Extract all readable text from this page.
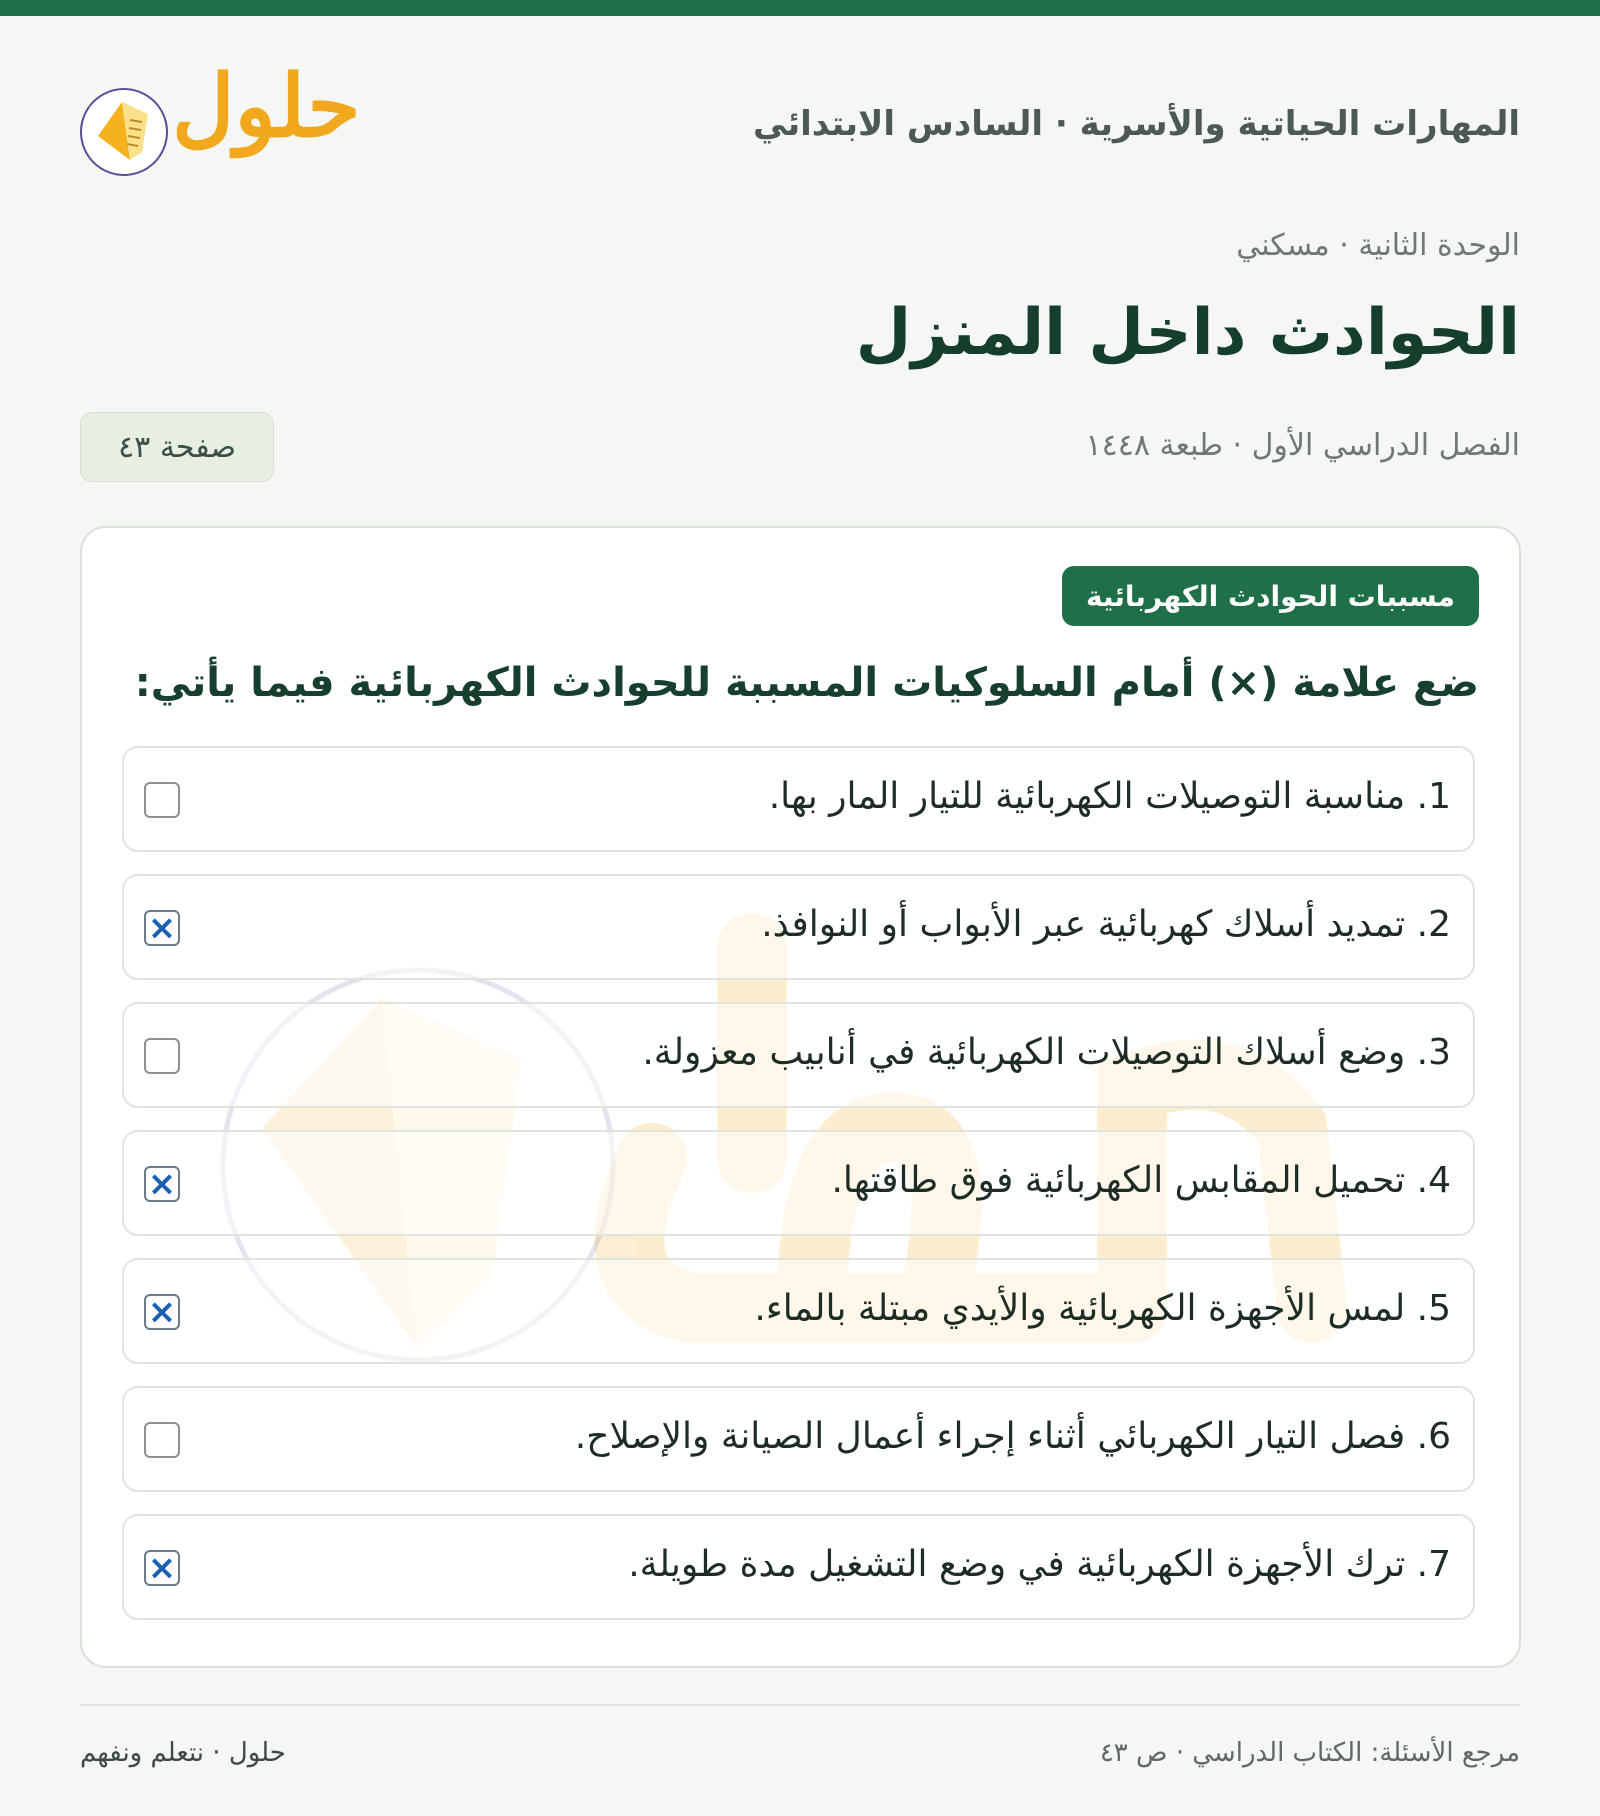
المهارات الحياتية والأسرية · السادس الابتدائي
حلول
الوحدة الثانية · مسكني
الحوادث داخل المنزل
الفصل الدراسي الأول · طبعة ١٤٤٨
صفحة ٤٣
مسببات الحوادث الكهربائية
ضع علامة (×) أمام السلوكيات المسببة للحوادث الكهربائية فيما يأتي:
1. مناسبة التوصيلات الكهربائية للتيار المار بها.
2. تمديد أسلاك كهربائية عبر الأبواب أو النوافذ.
×
3. وضع أسلاك التوصيلات الكهربائية في أنابيب معزولة.
4. تحميل المقابس الكهربائية فوق طاقتها.
×
5. لمس الأجهزة الكهربائية والأيدي مبتلة بالماء.
×
6. فصل التيار الكهربائي أثناء إجراء أعمال الصيانة والإصلاح.
7. ترك الأجهزة الكهربائية في وضع التشغيل مدة طويلة.
×
مرجع الأسئلة: الكتاب الدراسي · ص ٤٣
حلول · نتعلم ونفهم
